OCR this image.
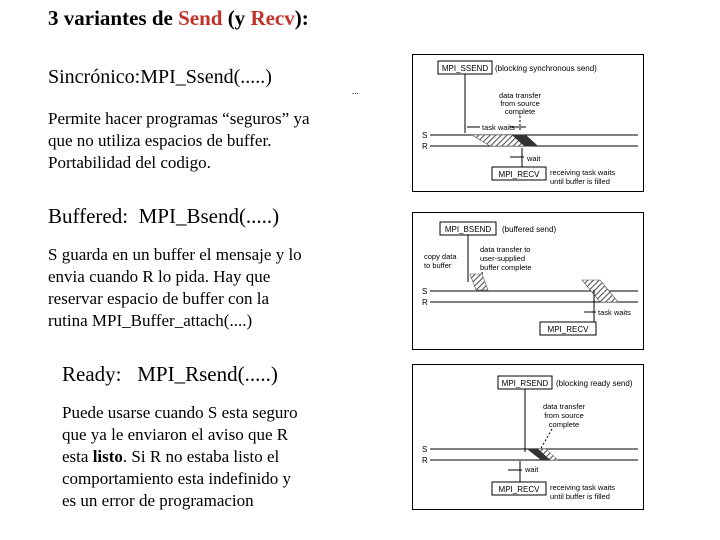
3 variantes de Send (y Recv):
Sincrónico:MPI_Ssend(.....)
...
Permite hacer programas “seguros” ya
que no utiliza espacios de buffer.
Portabilidad del codigo.
Buffered: MPI_Bsend(.....)
S guarda en un buffer el mensaje y lo
envia cuando R lo pida. Hay que
reservar espacio de buffer con la
rutina MPI_Buffer_attach(....)
Ready: MPI_Rsend(.....)
Puede usarse cuando S esta seguro
que ya le enviaron el aviso que R
esta listo. Si R no estaba listo el
comportamiento esta indefinido y
es un error de programacion
MPI_SSEND (blocking synchronous send)
data transfer
from source
complete
task waits
S
R
wait
MPI_RECV receiving task waits
until buffer is filled
MPI_BSEND (buffered send)
copy data
to buffer
data transfer to
user-supplied
buffer complete
S
R
task waits
MPI_RECV
MPI_RSEND (blocking ready send)
data transfer
from source
complete
S
R
wait
MPI_RECV receiving task waits
until buffer is filled
